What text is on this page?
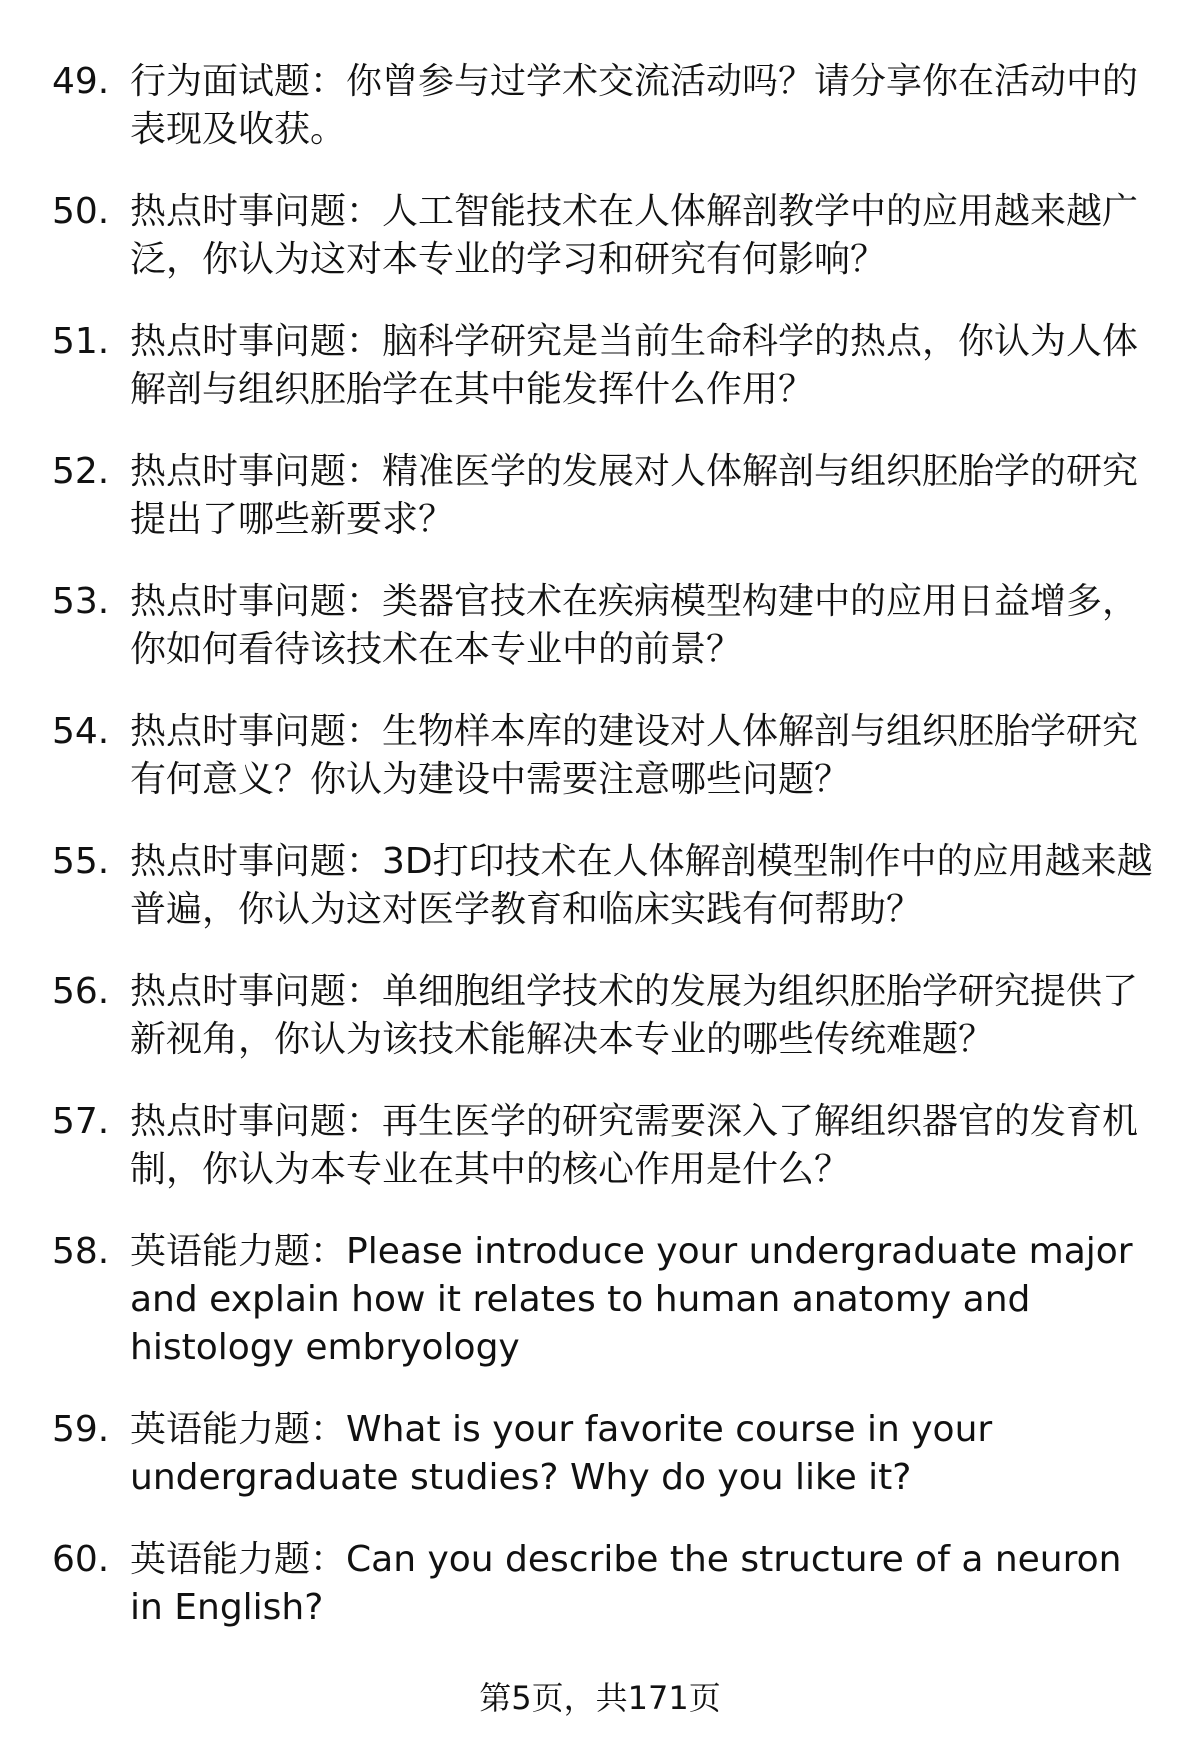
49. 行为面试题：你曾参与过学术交流活动吗？请分享你在活动中的表现及收获。
50. 热点时事问题：人工智能技术在人体解剖教学中的应用越来越广泛，你认为这对本专业的学习和研究有何影响？
51. 热点时事问题：脑科学研究是当前生命科学的热点，你认为人体解剖与组织胚胎学在其中能发挥什么作用？
52. 热点时事问题：精准医学的发展对人体解剖与组织胚胎学的研究提出了哪些新要求？
53. 热点时事问题：类器官技术在疾病模型构建中的应用日益增多，你如何看待该技术在本专业中的前景？
54. 热点时事问题：生物样本库的建设对人体解剖与组织胚胎学研究有何意义？你认为建设中需要注意哪些问题？
55. 热点时事问题：3D打印技术在人体解剖模型制作中的应用越来越普遍，你认为这对医学教育和临床实践有何帮助？
56. 热点时事问题：单细胞组学技术的发展为组织胚胎学研究提供了新视角，你认为该技术能解决本专业的哪些传统难题？
57. 热点时事问题：再生医学的研究需要深入了解组织器官的发育机制，你认为本专业在其中的核心作用是什么？
58. 英语能力题：Please introduce your undergraduate major and explain how it relates to human anatomy and histology embryology
59. 英语能力题：What is your favorite course in your undergraduate studies? Why do you like it?
60. 英语能力题：Can you describe the structure of a neuron in English?
第5页，共171页
